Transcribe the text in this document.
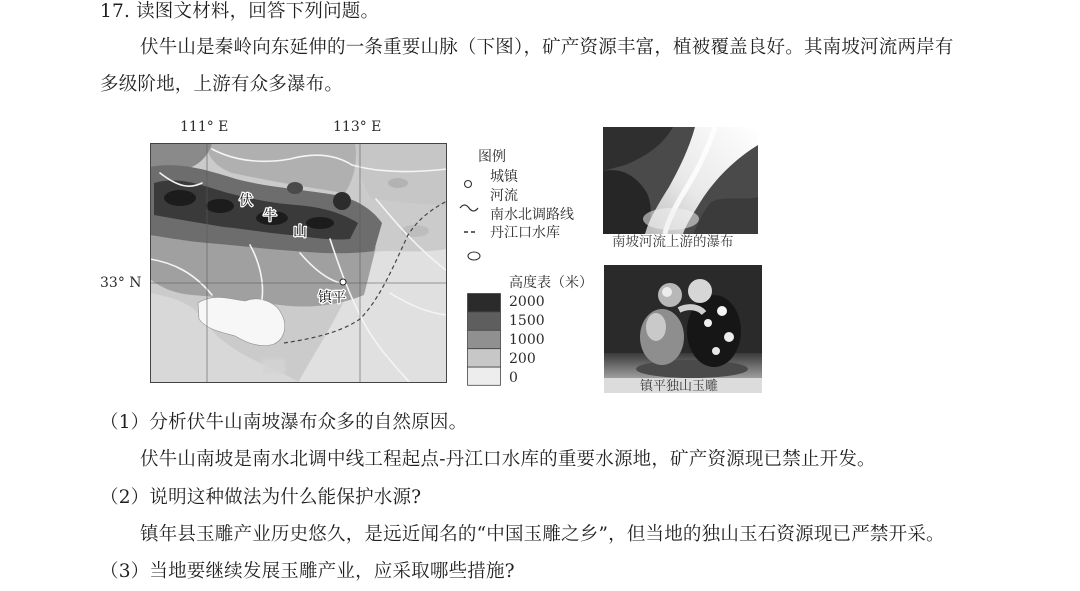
17. 读图文材料，回答下列问题。
伏牛山是秦岭向东延伸的一条重要山脉（下图），矿产资源丰富，植被覆盖良好。其南坡河流两岸有
多级阶地，上游有众多瀑布。
111° E	113° E
33° N
镇平
伏
牛
山
图例
城镇
河流
南水北调路线
丹江口水库
高度表（米）
2000
1500
1000
200
0
南坡河流上游的瀑布
镇平独山玉雕
（1）分析伏牛山南坡瀑布众多的自然原因。
伏牛山南坡是南水北调中线工程起点-丹江口水库的重要水源地，矿产资源现已禁止开发。
（2）说明这种做法为什么能保护水源?
镇年县玉雕产业历史悠久，是远近闻名的“中国玉雕之乡”，但当地的独山玉石资源现已严禁开采。
（3）当地要继续发展玉雕产业，应采取哪些措施?
